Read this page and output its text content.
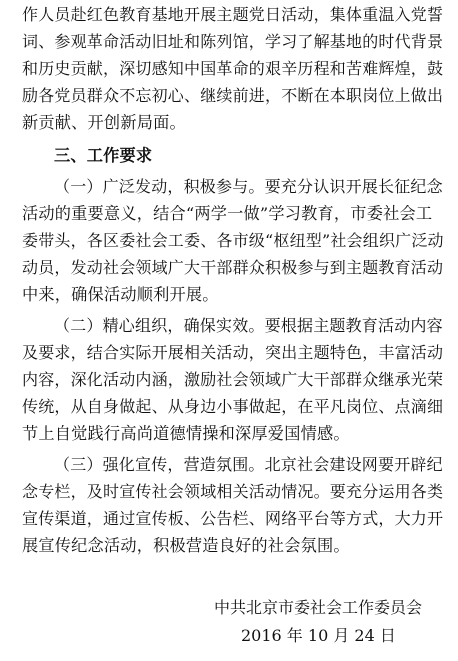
作人员赴红色教育基地开展主题党日活动，集体重温入党誓
词、参观革命活动旧址和陈列馆，学习了解基地的时代背景
和历史贡献，深切感知中国革命的艰辛历程和苦难辉煌，鼓
励各党员群众不忘初心、继续前进，不断在本职岗位上做出
新贡献、开创新局面。
三、工作要求
（一）广泛发动，积极参与。要充分认识开展长征纪念
活动的重要意义，结合“两学一做”学习教育，市委社会工
委带头，各区委社会工委、各市级“枢纽型”社会组织广泛动
动员，发动社会领域广大干部群众积极参与到主题教育活动
中来，确保活动顺利开展。
（二）精心组织，确保实效。要根据主题教育活动内容
及要求，结合实际开展相关活动，突出主题特色，丰富活动
内容，深化活动内涵，激励社会领域广大干部群众继承光荣
传统，从自身做起、从身边小事做起，在平凡岗位、点滴细
节上自觉践行高尚道德情操和深厚爱国情感。
（三）强化宣传，营造氛围。北京社会建设网要开辟纪
念专栏，及时宣传社会领域相关活动情况。要充分运用各类
宣传渠道，通过宣传板、公告栏、网络平台等方式，大力开
展宣传纪念活动，积极营造良好的社会氛围。
中共北京市委社会工作委员会
2016 年 10 月 24 日
